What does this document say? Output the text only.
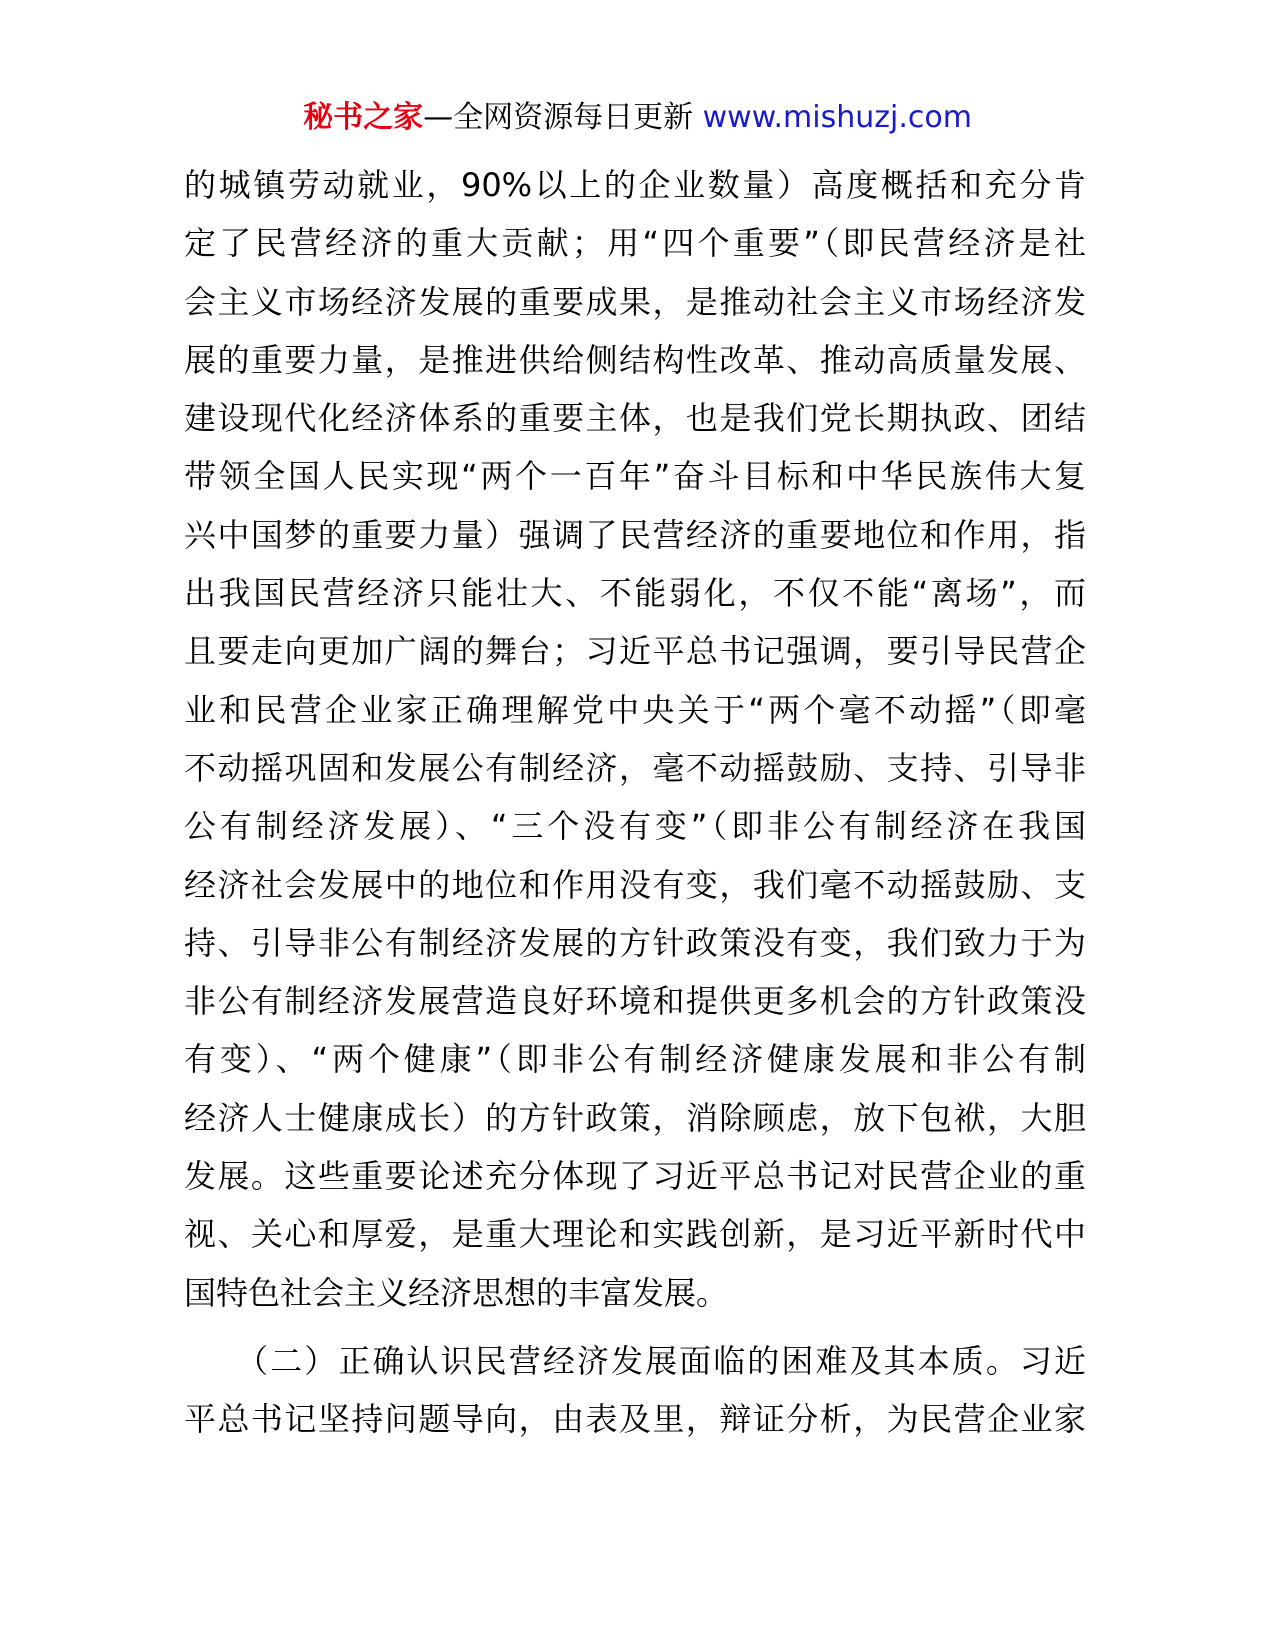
秘书之家—全网资源每日更新 www.mishuzj.com
的城镇劳动就业，90%以上的企业数量）高度概括和充分肯
定了民营经济的重大贡献；用“四个重要”（即民营经济是社
会主义市场经济发展的重要成果，是推动社会主义市场经济发
展的重要力量，是推进供给侧结构性改革、推动高质量发展、
建设现代化经济体系的重要主体，也是我们党长期执政、团结
带领全国人民实现“两个一百年”奋斗目标和中华民族伟大复
兴中国梦的重要力量）强调了民营经济的重要地位和作用，指
出我国民营经济只能壮大、不能弱化，不仅不能“离场”，而
且要走向更加广阔的舞台；习近平总书记强调，要引导民营企
业和民营企业家正确理解党中央关于“两个毫不动摇”（即毫
不动摇巩固和发展公有制经济，毫不动摇鼓励、支持、引导非
公有制经济发展）、“三个没有变”（即非公有制经济在我国
经济社会发展中的地位和作用没有变，我们毫不动摇鼓励、支
持、引导非公有制经济发展的方针政策没有变，我们致力于为
非公有制经济发展营造良好环境和提供更多机会的方针政策没
有变）、“两个健康”（即非公有制经济健康发展和非公有制
经济人士健康成长）的方针政策，消除顾虑，放下包袱，大胆
发展。这些重要论述充分体现了习近平总书记对民营企业的重
视、关心和厚爱，是重大理论和实践创新，是习近平新时代中
国特色社会主义经济思想的丰富发展。
　　（二）正确认识民营经济发展面临的困难及其本质。习近
平总书记坚持问题导向，由表及里，辩证分析，为民营企业家
